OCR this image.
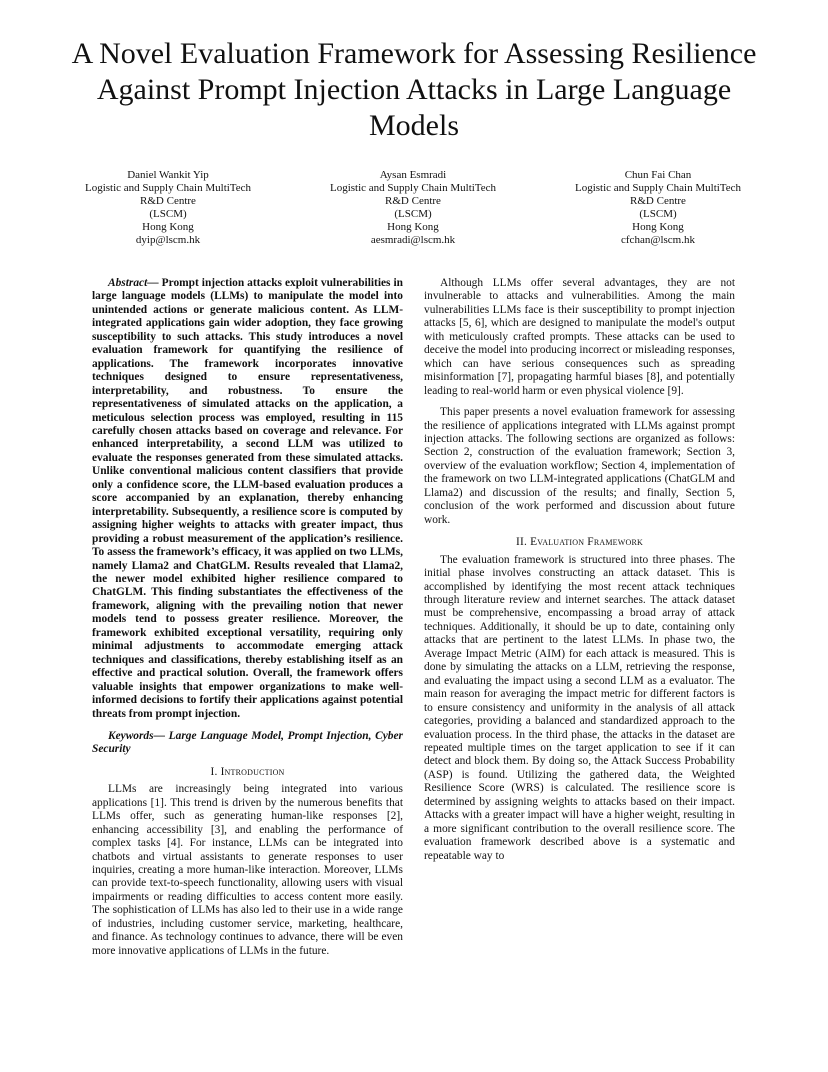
A Novel Evaluation Framework for Assessing Resilience Against Prompt Injection Attacks in Large Language Models
Daniel Wankit Yip
Logistic and Supply Chain MultiTech
R&D Centre
(LSCM)
Hong Kong
dyip@lscm.hk
Aysan Esmradi
Logistic and Supply Chain MultiTech
R&D Centre
(LSCM)
Hong Kong
aesmradi@lscm.hk
Chun Fai Chan
Logistic and Supply Chain MultiTech
R&D Centre
(LSCM)
Hong Kong
cfchan@lscm.hk

Abstract— Prompt injection attacks exploit vulnerabilities in large language models (LLMs) to manipulate the model into unintended actions or generate malicious content. As LLM-integrated applications gain wider adoption, they face growing susceptibility to such attacks. This study introduces a novel evaluation framework for quantifying the resilience of applications. The framework incorporates innovative techniques designed to ensure representativeness, interpretability, and robustness. To ensure the representativeness of simulated attacks on the application, a meticulous selection process was employed, resulting in 115 carefully chosen attacks based on coverage and relevance. For enhanced interpretability, a second LLM was utilized to evaluate the responses generated from these simulated attacks. Unlike conventional malicious content classifiers that provide only a confidence score, the LLM-based evaluation produces a score accompanied by an explanation, thereby enhancing interpretability. Subsequently, a resilience score is computed by assigning higher weights to attacks with greater impact, thus providing a robust measurement of the application’s resilience. To assess the framework’s efficacy, it was applied on two LLMs, namely Llama2 and ChatGLM. Results revealed that Llama2, the newer model exhibited higher resilience compared to ChatGLM. This finding substantiates the effectiveness of the framework, aligning with the prevailing notion that newer models tend to possess greater resilience. Moreover, the framework exhibited exceptional versatility, requiring only minimal adjustments to accommodate emerging attack techniques and classifications, thereby establishing itself as an effective and practical solution. Overall, the framework offers valuable insights that empower organizations to make well-informed decisions to fortify their applications against potential threats from prompt injection.

Keywords— Large Language Model, Prompt Injection, Cyber Security

I. Introduction

LLMs are increasingly being integrated into various applications [1]. This trend is driven by the numerous benefits that LLMs offer, such as generating human-like responses [2], enhancing accessibility [3], and enabling the performance of complex tasks [4]. For instance, LLMs can be integrated into chatbots and virtual assistants to generate responses to user inquiries, creating a more human-like interaction. Moreover, LLMs can provide text-to-speech functionality, allowing users with visual impairments or reading difficulties to access content more easily. The sophistication of LLMs has also led to their use in a wide range of industries, including customer service, marketing, healthcare, and finance. As technology continues to advance, there will be even more innovative applications of LLMs in the future.

Although LLMs offer several advantages, they are not invulnerable to attacks and vulnerabilities. Among the main vulnerabilities LLMs face is their susceptibility to prompt injection attacks [5, 6], which are designed to manipulate the model's output with meticulously crafted prompts. These attacks can be used to deceive the model into producing incorrect or misleading responses, which can have serious consequences such as spreading misinformation [7], propagating harmful biases [8], and potentially leading to real-world harm or even physical violence [9].

This paper presents a novel evaluation framework for assessing the resilience of applications integrated with LLMs against prompt injection attacks. The following sections are organized as follows: Section 2, construction of the evaluation framework; Section 3, overview of the evaluation workflow; Section 4, implementation of the framework on two LLM-integrated applications (ChatGLM and Llama2) and discussion of the results; and finally, Section 5, conclusion of the work performed and discussion about future work.

II. Evaluation Framework

The evaluation framework is structured into three phases. The initial phase involves constructing an attack dataset. This is accomplished by identifying the most recent attack techniques through literature review and internet searches. The attack dataset must be comprehensive, encompassing a broad array of attack techniques. Additionally, it should be up to date, containing only attacks that are pertinent to the latest LLMs. In phase two, the Average Impact Metric (AIM) for each attack is measured. This is done by simulating the attacks on a LLM, retrieving the response, and evaluating the impact using a second LLM as a evaluator. The main reason for averaging the impact metric for different factors is to ensure consistency and uniformity in the analysis of all attack categories, providing a balanced and standardized approach to the evaluation process. In the third phase, the attacks in the dataset are repeated multiple times on the target application to see if it can detect and block them. By doing so, the Attack Success Probability (ASP) is found. Utilizing the gathered data, the Weighted Resilience Score (WRS) is calculated. The resilience score is determined by assigning weights to attacks based on their impact. Attacks with a greater impact will have a higher weight, resulting in a more significant contribution to the overall resilience score. The evaluation framework described above is a systematic and repeatable way to
